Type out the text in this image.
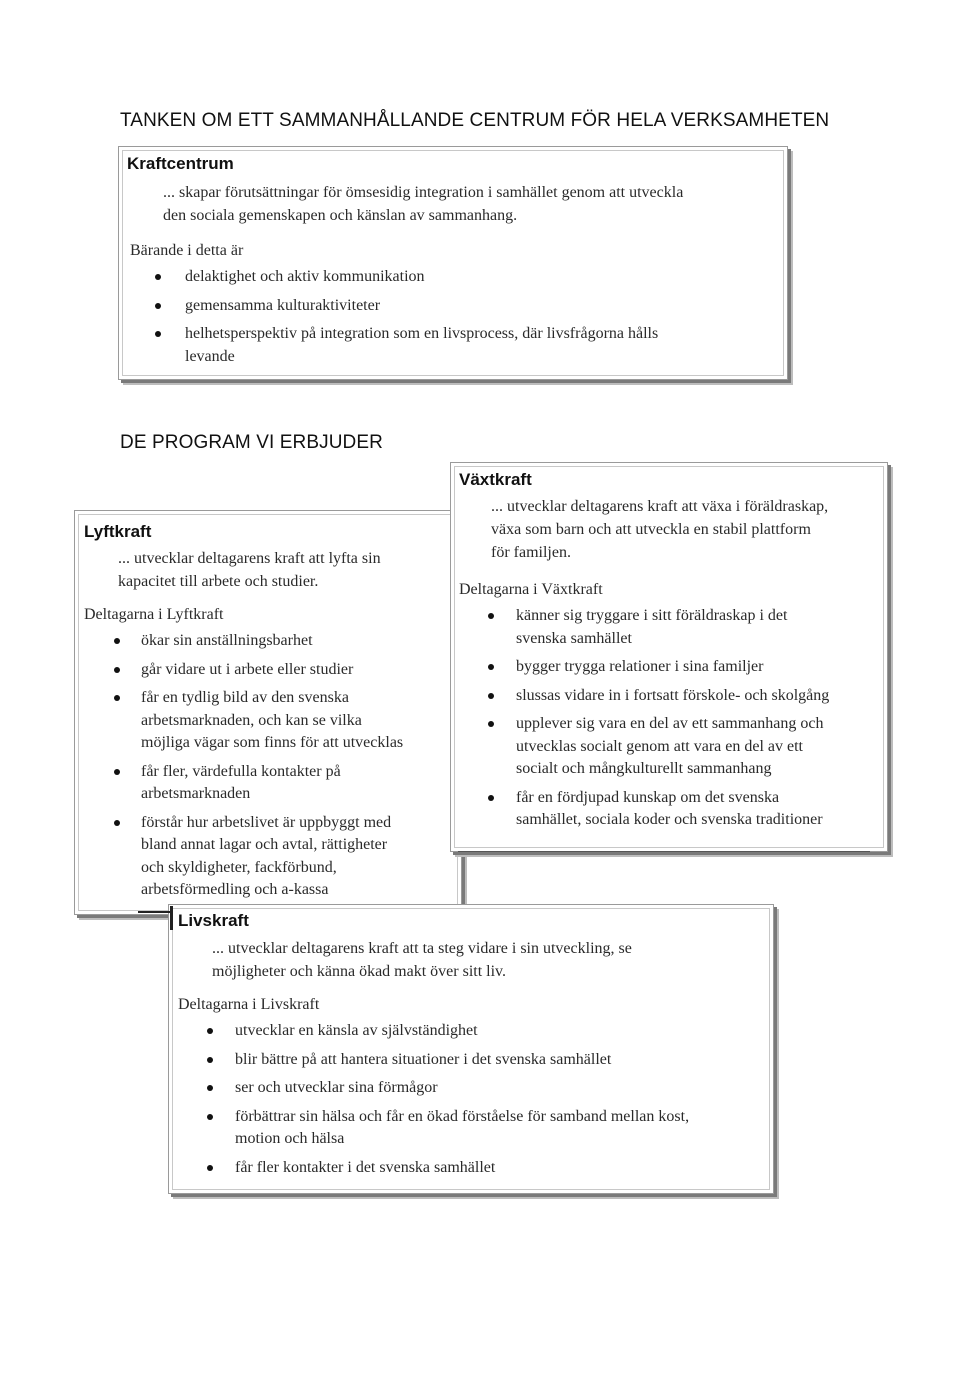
TANKEN OM ETT SAMMANHÅLLANDE CENTRUM FÖR HELA VERKSAMHETEN
Kraftcentrum
... skapar förutsättningar för ömsesidig integration i samhället genom att utveckla
den sociala gemenskapen och känslan av sammanhang.
Bärande i detta är
delaktighet och aktiv kommunikation
gemensamma kulturaktiviteter
helhetsperspektiv på integration som en livsprocess, där livsfrågorna hålls
levande
DE PROGRAM VI ERBJUDER
Lyftkraft
... utvecklar deltagarens kraft att lyfta sin
kapacitet till arbete och studier.
Deltagarna i Lyftkraft
ökar sin anställningsbarhet
går vidare ut i arbete eller studier
får en tydlig bild av den svenska
arbetsmarknaden, och kan se vilka
möjliga vägar som finns för att utvecklas
får fler, värdefulla kontakter på
arbetsmarknaden
förstår hur arbetslivet är uppbyggt med
bland annat lagar och avtal, rättigheter
och skyldigheter, fackförbund,
arbetsförmedling och a-kassa
Växtkraft
... utvecklar deltagarens kraft att växa i föräldraskap,
växa som barn och att utveckla en stabil plattform
för familjen.
Deltagarna i Växtkraft
känner sig tryggare i sitt föräldraskap i det
svenska samhället
bygger trygga relationer i sina familjer
slussas vidare in i fortsatt förskole- och skolgång
upplever sig vara en del av ett sammanhang och
utvecklas socialt genom att vara en del av ett
socialt och mångkulturellt sammanhang
får en fördjupad kunskap om det svenska
samhället, sociala koder och svenska traditioner
Livskraft
... utvecklar deltagarens kraft att ta steg vidare i sin utveckling, se
möjligheter och känna ökad makt över sitt liv.
Deltagarna i Livskraft
utvecklar en känsla av självständighet
blir bättre på att hantera situationer i det svenska samhället
ser och utvecklar sina förmågor
förbättrar sin hälsa och får en ökad förståelse för samband mellan kost,
motion och hälsa
får fler kontakter i det svenska samhället
